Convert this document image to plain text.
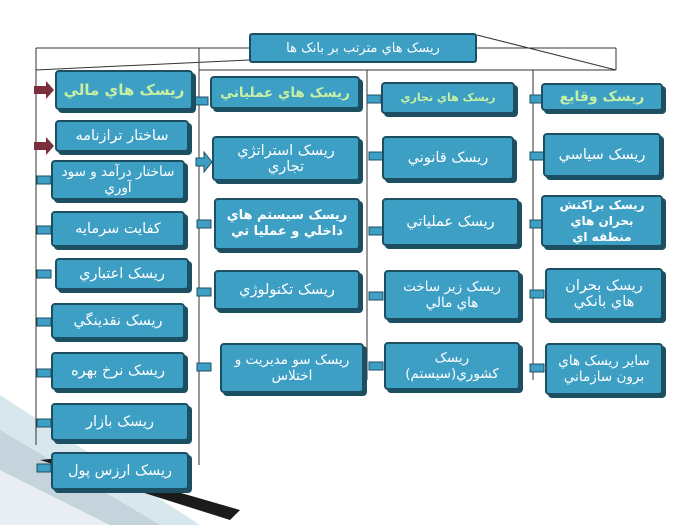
ريسک هاي مترتب بر بانک ها
ريسک هاي مالي
ساختار ترازنامه
ساختار درآمد و سود آوري
کفايت سرمايه
ريسک اعتباري
ريسک نقدينگي
ريسک نرخ بهره
ريسک بازار
ريسک ارزس پول
ريسک هاي عملياتي
ريسک استراتژي تجاري
ريسک سيستم هاي داخلي و عمليا تي
ريسک تکنولوژي
ريسک سو مديريت و اختلاس
ريسک هاي تجاري
ريسک قانوني
ريسک عملياتي
ريسک زير ساخت هاي مالي
ريسک کشوري(سيستم)
ريسک وقايع
ريسک سياسي
ريسک براکنش بحران هاي منطقه اي
ريسک بحران هاي بانکي
ساير ريسک هاي برون سازماني
